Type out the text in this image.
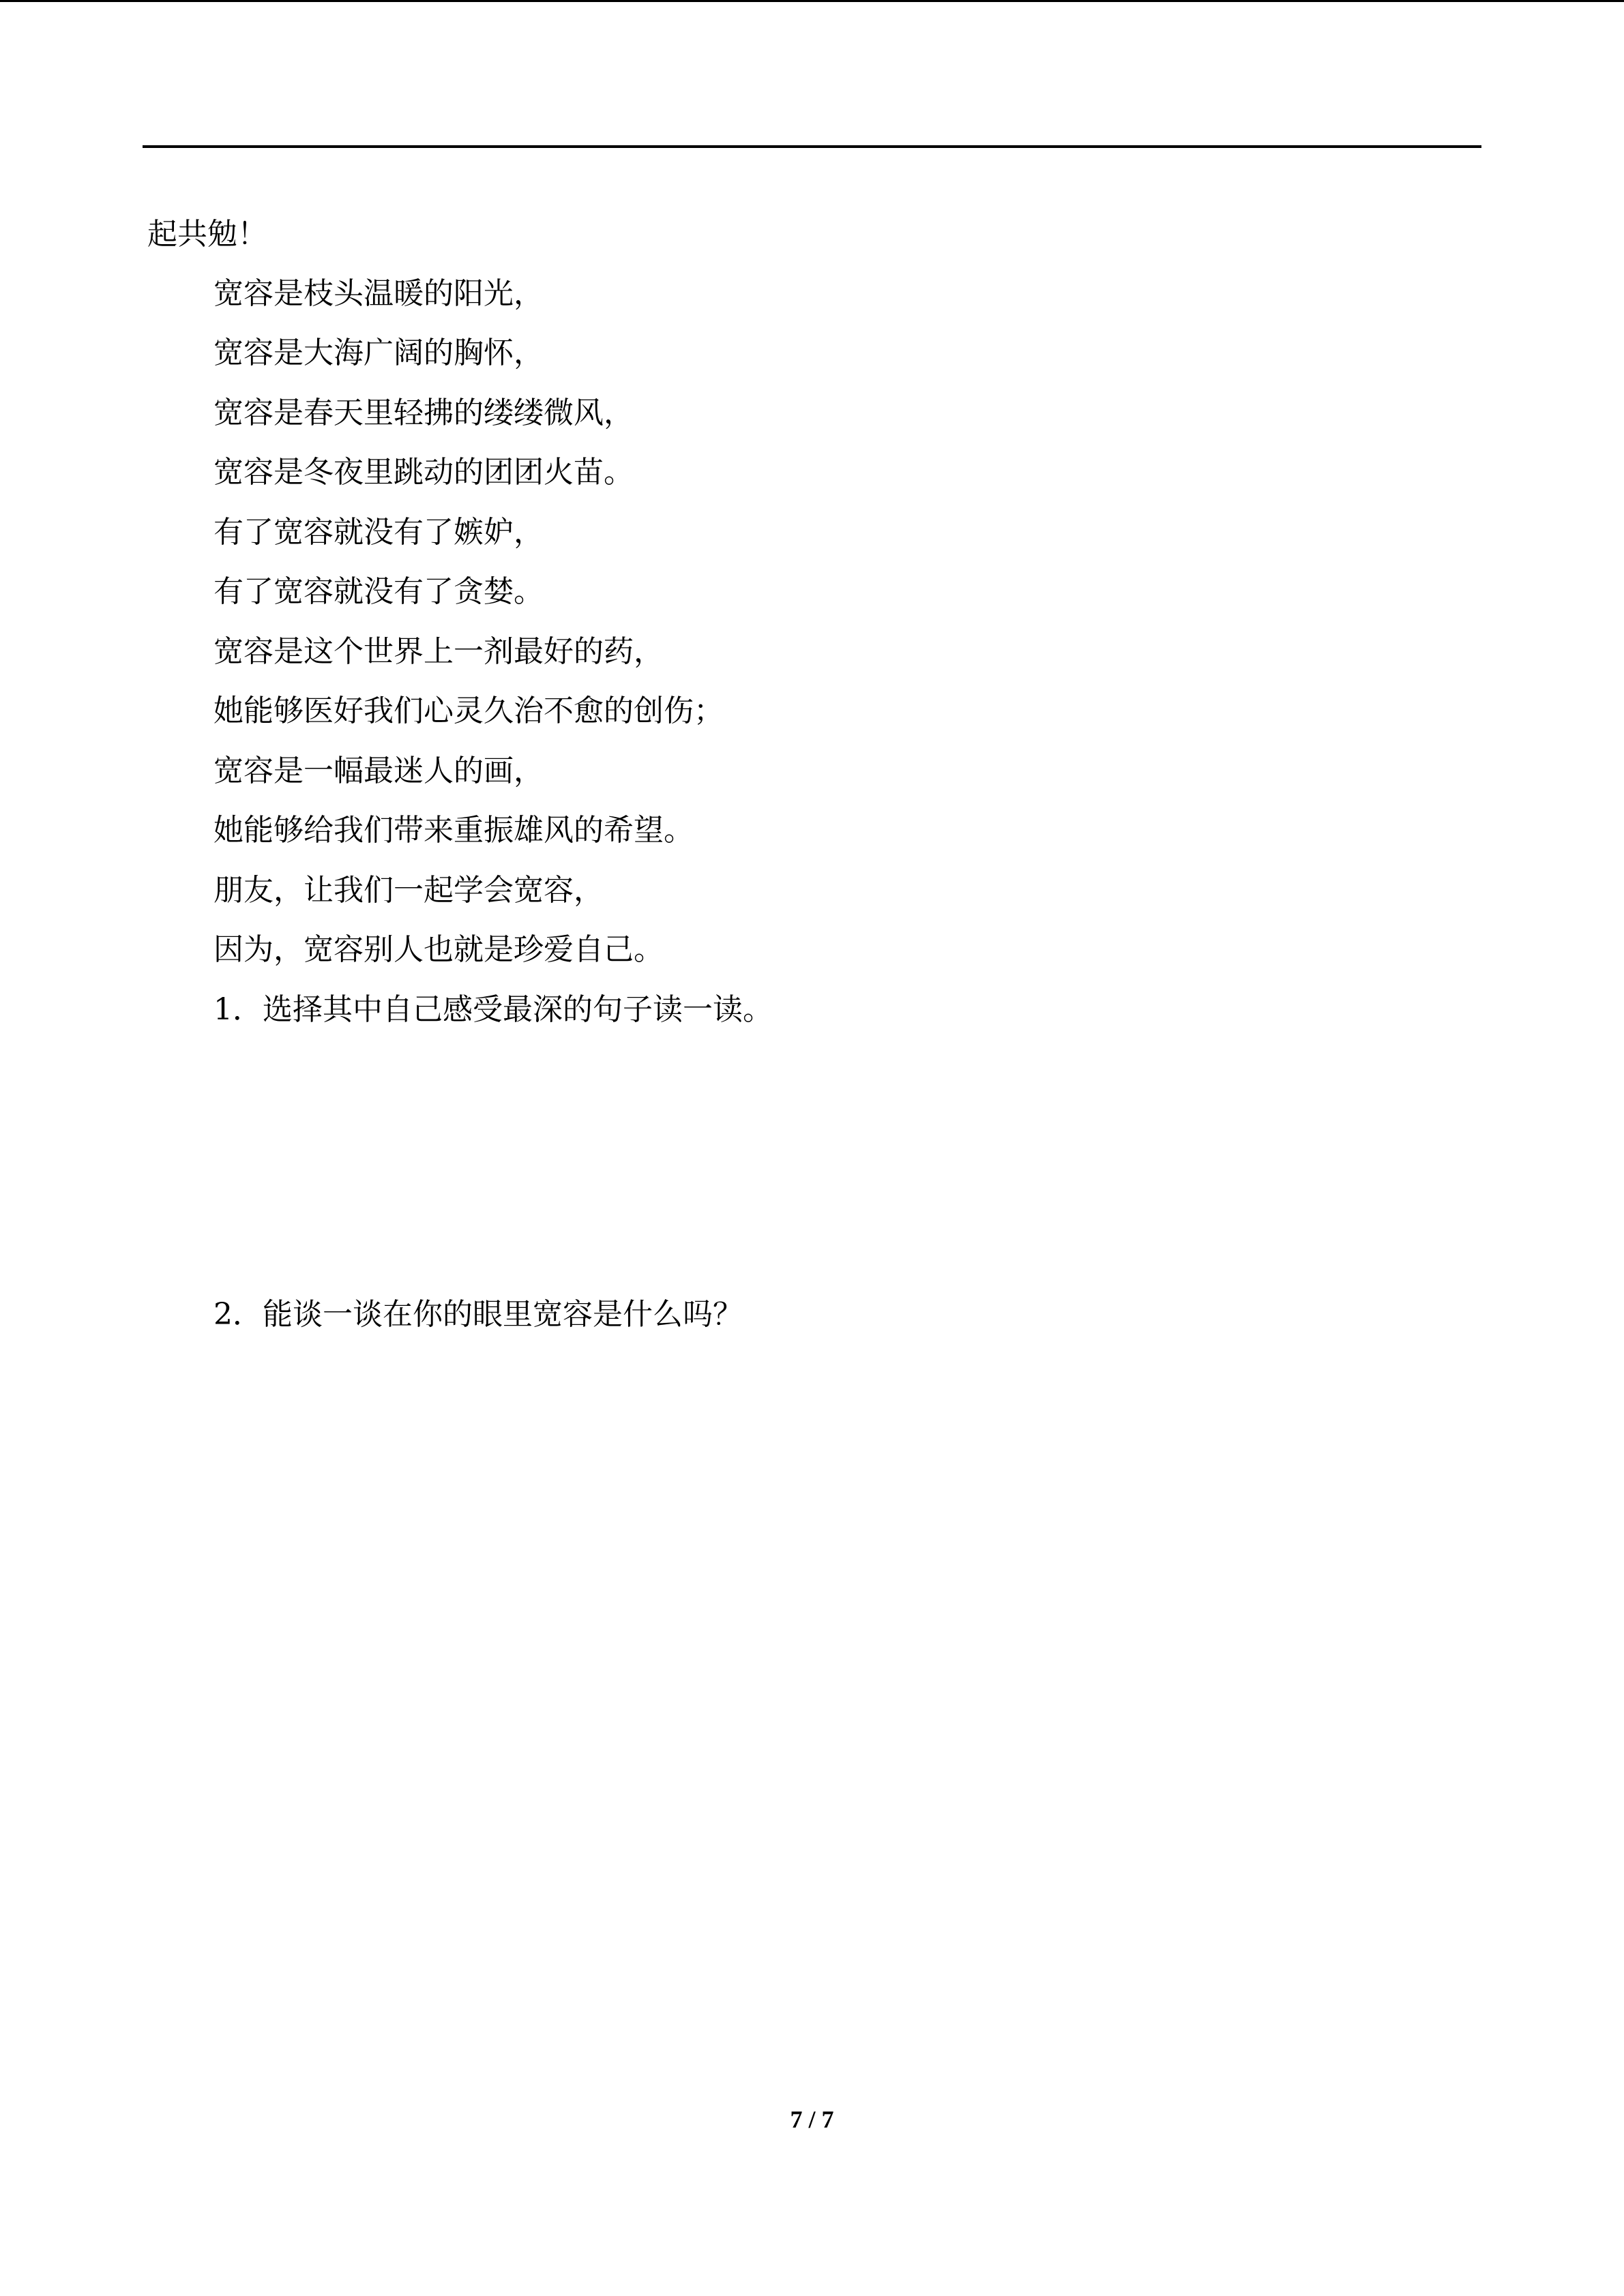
起共勉！
宽容是枝头温暖的阳光，
宽容是大海广阔的胸怀，
宽容是春天里轻拂的缕缕微风，
宽容是冬夜里跳动的团团火苗。
有了宽容就没有了嫉妒，
有了宽容就没有了贪婪。
宽容是这个世界上一剂最好的药，
她能够医好我们心灵久治不愈的创伤；
宽容是一幅最迷人的画，
她能够给我们带来重振雄风的希望。
朋友，让我们一起学会宽容，
因为，宽容别人也就是珍爱自己。
1．选择其中自己感受最深的句子读一读。
2．能谈一谈在你的眼里宽容是什么吗？
7 / 7
